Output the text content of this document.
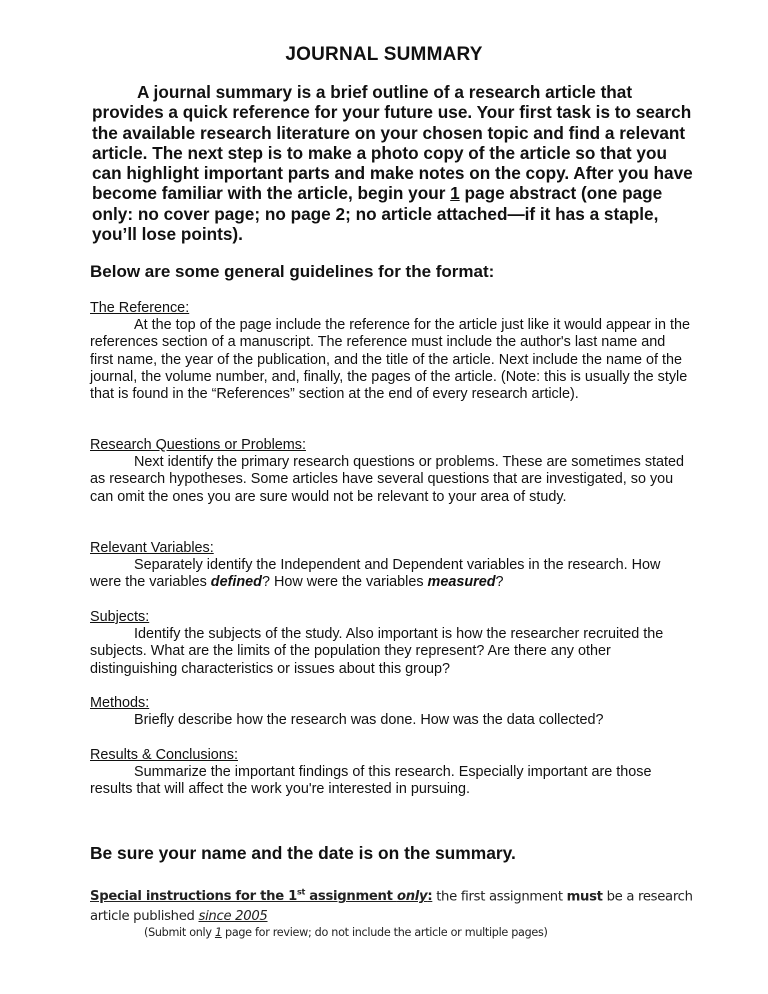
JOURNAL SUMMARY
A journal summary is a brief outline of a research article that provides a quick reference for your future use. Your first task is to search the available research literature on your chosen topic and find a relevant article. The next step is to make a photo copy of the article so that you can highlight important parts and make notes on the copy. After you have become familiar with the article, begin your 1 page abstract (one page only: no cover page; no page 2; no article attached—if it has a staple, you’ll lose points).
Below are some general guidelines for the format:
The Reference:
At the top of the page include the reference for the article just like it would appear in the references section of a manuscript. The reference must include the author's last name and first name, the year of the publication, and the title of the article. Next include the name of the journal, the volume number, and, finally, the pages of the article. (Note: this is usually the style that is found in the “References” section at the end of every research article).
Research Questions or Problems:
Next identify the primary research questions or problems. These are sometimes stated as research hypotheses. Some articles have several questions that are investigated, so you can omit the ones you are sure would not be relevant to your area of study.
Relevant Variables:
Separately identify the Independent and Dependent variables in the research. How were the variables defined? How were the variables measured?
Subjects:
Identify the subjects of the study. Also important is how the researcher recruited the subjects. What are the limits of the population they represent? Are there any other distinguishing characteristics or issues about this group?
Methods:
Briefly describe how the research was done. How was the data collected?
Results & Conclusions:
Summarize the important findings of this research. Especially important are those results that will affect the work you're interested in pursuing.
Be sure your name and the date is on the summary.
Special instructions for the 1st assignment only: the first assignment must be a research article published since 2005
(Submit only 1 page for review; do not include the article or multiple pages)
